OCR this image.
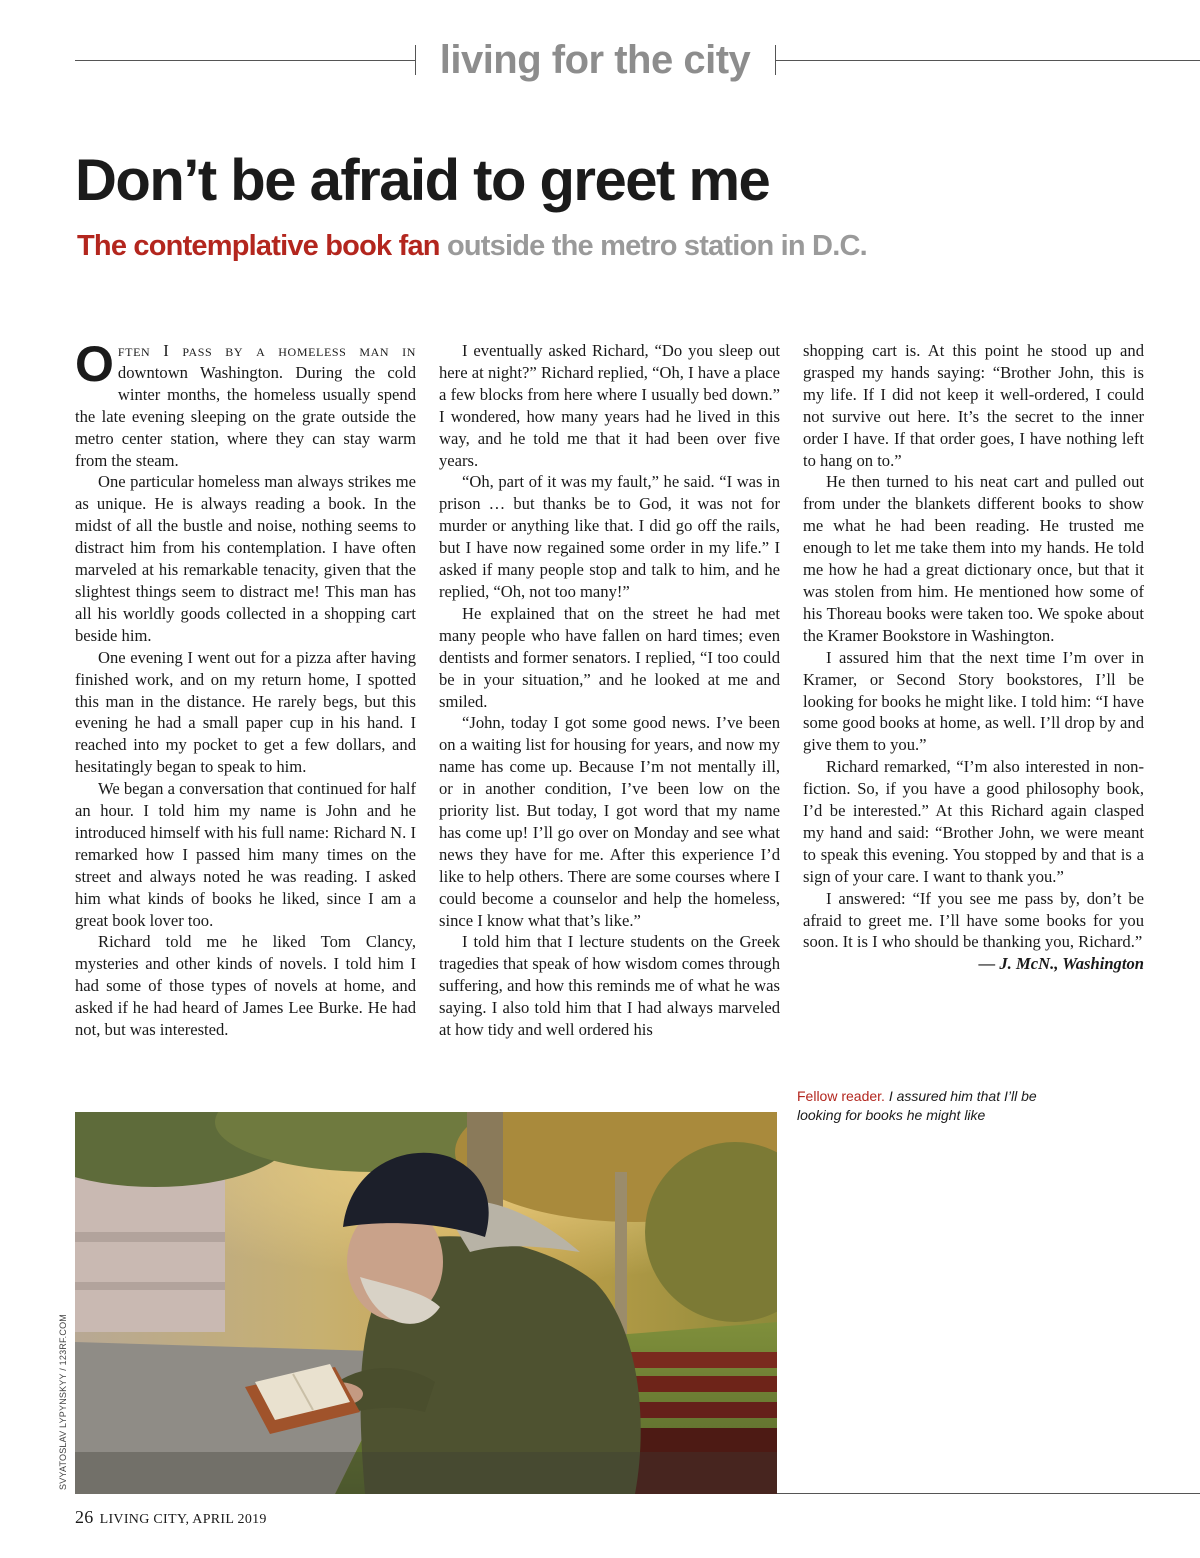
living for the city
Don’t be afraid to greet me
The contemplative book fan outside the metro station in D.C.

Often I pass by a homeless man in downtown Washington. During the cold winter months, the homeless usually spend the late evening sleeping on the grate outside the metro center station, where they can stay warm from the steam.

One particular homeless man always strikes me as unique. He is always reading a book. In the midst of all the bustle and noise, nothing seems to distract him from his contemplation. I have often marveled at his remarkable tenacity, given that the slightest things seem to distract me! This man has all his worldly goods collected in a shopping cart beside him.

One evening I went out for a pizza after having finished work, and on my return home, I spotted this man in the distance. He rarely begs, but this evening he had a small paper cup in his hand. I reached into my pocket to get a few dollars, and hesitatingly began to speak to him.

We began a conversation that continued for half an hour. I told him my name is John and he introduced himself with his full name: Richard N. I remarked how I passed him many times on the street and always noted he was reading. I asked him what kinds of books he liked, since I am a great book lover too.

Richard told me he liked Tom Clancy, mysteries and other kinds of novels. I told him I had some of those types of novels at home, and asked if he had heard of James Lee Burke. He had not, but was interested.

I eventually asked Richard, “Do you sleep out here at night?” Richard replied, “Oh, I have a place a few blocks from here where I usually bed down.” I wondered, how many years had he lived in this way, and he told me that it had been over five years.

“Oh, part of it was my fault,” he said. “I was in prison … but thanks be to God, it was not for murder or anything like that. I did go off the rails, but I have now regained some order in my life.” I asked if many people stop and talk to him, and he replied, “Oh, not too many!”

He explained that on the street he had met many people who have fallen on hard times; even dentists and former senators. I replied, “I too could be in your situation,” and he looked at me and smiled.

“John, today I got some good news. I’ve been on a waiting list for housing for years, and now my name has come up. Because I’m not mentally ill, or in another condition, I’ve been low on the priority list. But today, I got word that my name has come up! I’ll go over on Monday and see what news they have for me. After this experience I’d like to help others. There are some courses where I could become a counselor and help the homeless, since I know what that’s like.”

I told him that I lecture students on the Greek tragedies that speak of how wisdom comes through suffering, and how this reminds me of what he was saying. I also told him that I had always marveled at how tidy and well ordered his

shopping cart is. At this point he stood up and grasped my hands saying: “Brother John, this is my life. If I did not keep it well-ordered, I could not survive out here. It’s the secret to the inner order I have. If that order goes, I have nothing left to hang on to.”

He then turned to his neat cart and pulled out from under the blankets different books to show me what he had been reading. He trusted me enough to let me take them into my hands. He told me how he had a great dictionary once, but that it was stolen from him. He mentioned how some of his Thoreau books were taken too. We spoke about the Kramer Bookstore in Washington.

I assured him that the next time I’m over in Kramer, or Second Story bookstores, I’ll be looking for books he might like. I told him: “I have some good books at home, as well. I’ll drop by and give them to you.”

Richard remarked, “I’m also interested in non-fiction. So, if you have a good philosophy book, I’d be interested.” At this Richard again clasped my hand and said: “Brother John, we were meant to speak this evening. You stopped by and that is a sign of your care. I want to thank you.”

I answered: “If you see me pass by, don’t be afraid to greet me. I’ll have some books for you soon. It is I who should be thanking you, Richard.”

— J. McN., Washington

SVYATOSLAV LYPYNSKYY / 123RF.COM
Fellow reader. I assured him that I’ll be looking for books he might like
26 LIVING CITY, APRIL 2019
